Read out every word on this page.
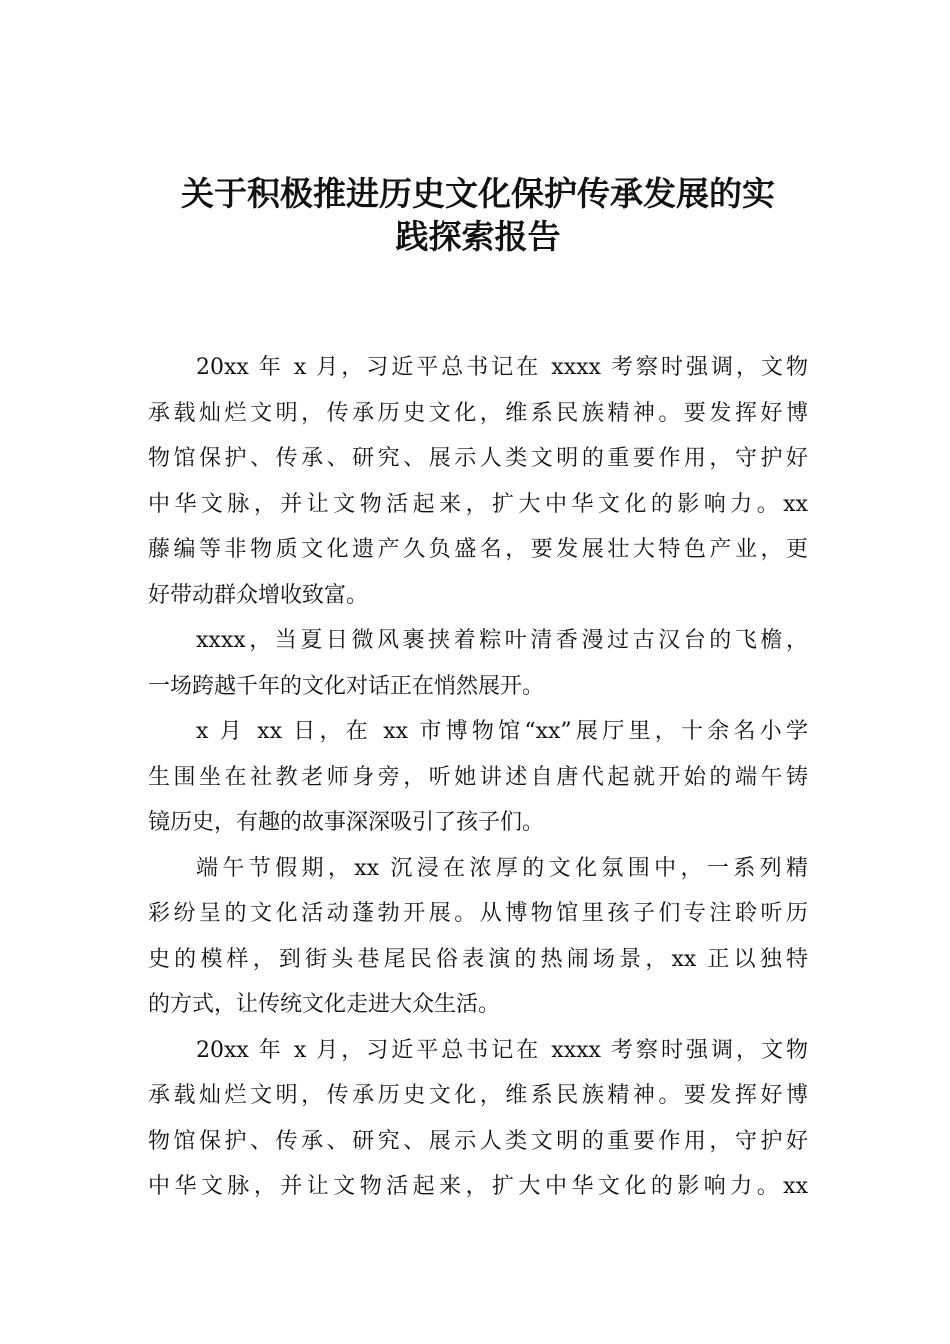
关于积极推进历史文化保护传承发展的实
践探索报告
20xx 年 x 月，习近平总书记在 xxxx 考察时强调，文物
承载灿烂文明，传承历史文化，维系民族精神。要发挥好博
物馆保护、传承、研究、展示人类文明的重要作用，守护好
中华文脉，并让文物活起来，扩大中华文化的影响力。xx
藤编等非物质文化遗产久负盛名，要发展壮大特色产业，更
好带动群众增收致富。
xxxx，当夏日微风裹挟着粽叶清香漫过古汉台的飞檐，
一场跨越千年的文化对话正在悄然展开。
x 月 xx 日，在 xx 市博物馆“xx”展厅里，十余名小学
生围坐在社教老师身旁，听她讲述自唐代起就开始的端午铸
镜历史，有趣的故事深深吸引了孩子们。
端午节假期，xx 沉浸在浓厚的文化氛围中，一系列精
彩纷呈的文化活动蓬勃开展。从博物馆里孩子们专注聆听历
史的模样，到街头巷尾民俗表演的热闹场景，xx 正以独特
的方式，让传统文化走进大众生活。
20xx 年 x 月，习近平总书记在 xxxx 考察时强调，文物
承载灿烂文明，传承历史文化，维系民族精神。要发挥好博
物馆保护、传承、研究、展示人类文明的重要作用，守护好
中华文脉，并让文物活起来，扩大中华文化的影响力。xx
